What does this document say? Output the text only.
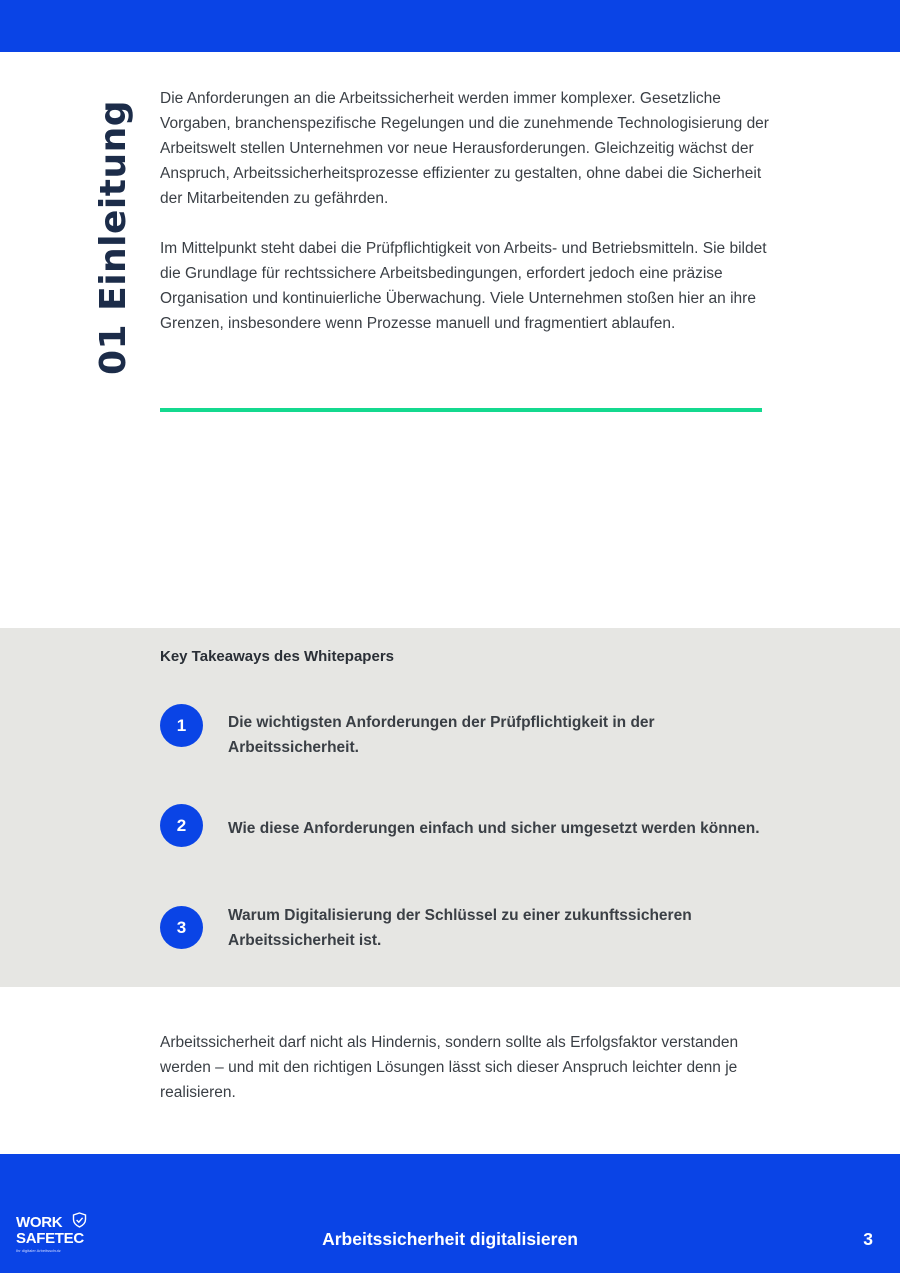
01 Einleitung

Die Anforderungen an die Arbeitssicherheit werden immer komplexer. Gesetzliche Vorgaben, branchenspezifische Regelungen und die zunehmende Technologisierung der Arbeitswelt stellen Unternehmen vor neue Herausforderungen. Gleichzeitig wächst der Anspruch, Arbeitssicherheitsprozesse effizienter zu gestalten, ohne dabei die Sicherheit der Mitarbeitenden zu gefährden.

Im Mittelpunkt steht dabei die Prüfpflichtigkeit von Arbeits- und Betriebsmitteln. Sie bildet die Grundlage für rechtssichere Arbeitsbedingungen, erfordert jedoch eine präzise Organisation und kontinuierliche Überwachung. Viele Unternehmen stoßen hier an ihre Grenzen, insbesondere wenn Prozesse manuell und fragmentiert ablaufen.

Key Takeaways des Whitepapers
1	Die wichtigsten Anforderungen der Prüfpflichtigkeit in der Arbeitssicherheit.
2	Wie diese Anforderungen einfach und sicher umgesetzt werden können.
3
Warum Digitalisierung der Schlüssel zu einer zukunftssicheren Arbeitssicherheit ist.

Arbeitssicherheit darf nicht als Hindernis, sondern sollte als Erfolgsfaktor verstanden werden – und mit den richtigen Lösungen lässt sich dieser Anspruch leichter denn je realisieren.

WORK
SAFETEC
Ihr digitaler Arbeitsschutz
Arbeitssicherheit digitalisieren	3
